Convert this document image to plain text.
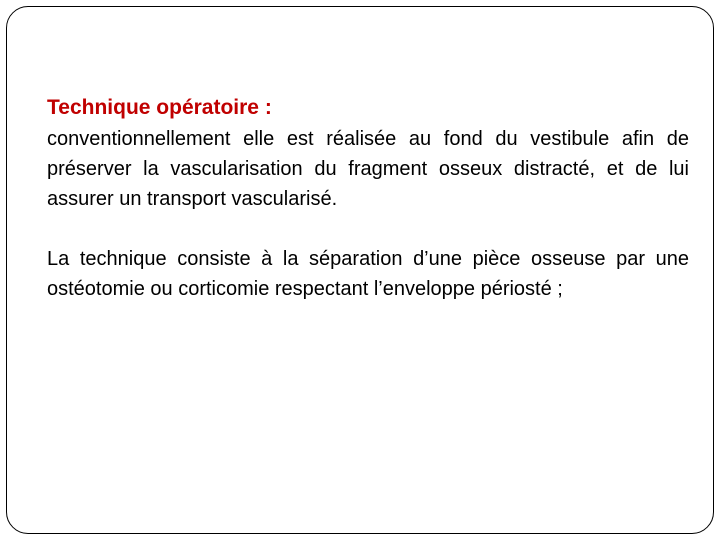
Technique opératoire :

conventionnellement elle est réalisée au fond du vestibule afin de préserver la vascularisation du fragment osseux distracté, et de lui assurer un transport vascularisé.

La technique consiste à la séparation d’une pièce osseuse par une ostéotomie ou corticomie respectant l’enveloppe périosté ;
